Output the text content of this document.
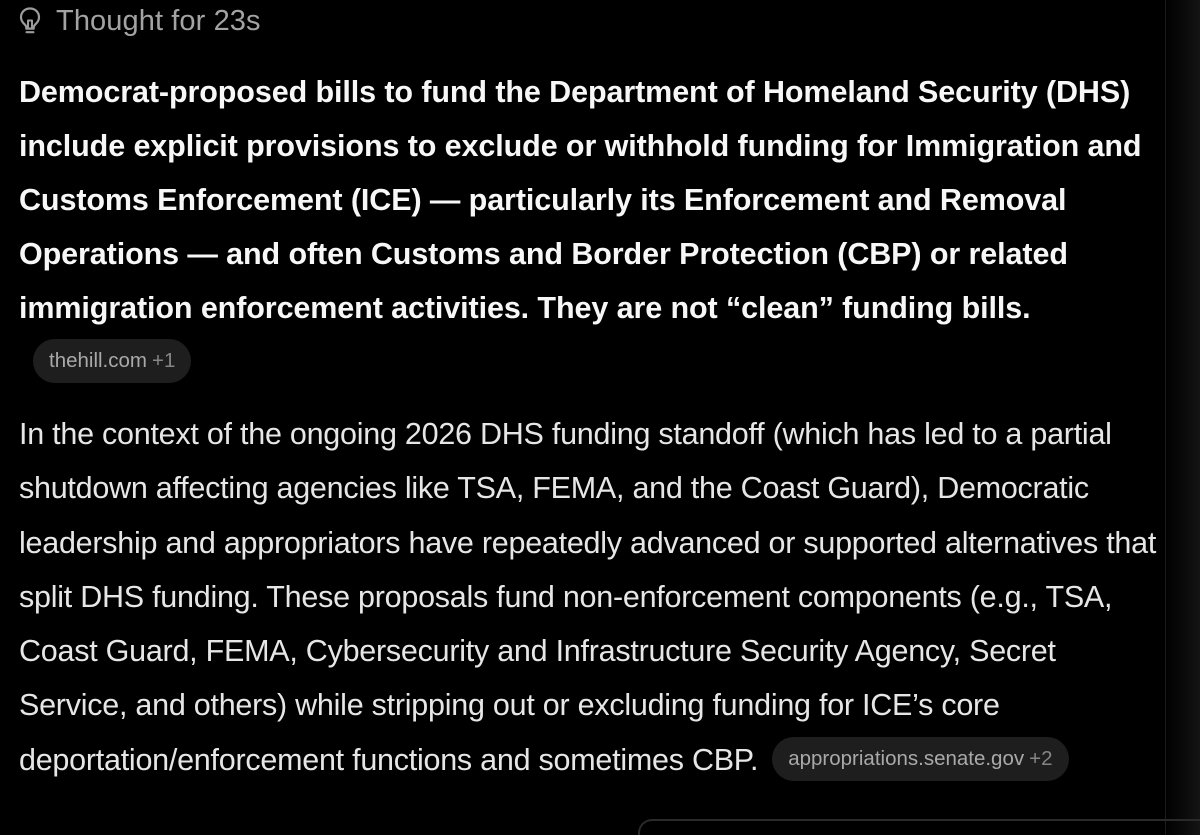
Thought for 23s

Democrat-proposed bills to fund the Department of Homeland Security (DHS) include explicit provisions to exclude or withhold funding for Immigration and Customs Enforcement (ICE) — particularly its Enforcement and Removal Operations — and often Customs and Border Protection (CBP) or related immigration enforcement activities. They are not “clean” funding bills.
thehill.com +1

In the context of the ongoing 2026 DHS funding standoff (which has led to a partial shutdown affecting agencies like TSA, FEMA, and the Coast Guard), Democratic leadership and appropriators have repeatedly advanced or supported alternatives that split DHS funding. These proposals fund non-enforcement components (e.g., TSA, Coast Guard, FEMA, Cybersecurity and Infrastructure Security Agency, Secret Service, and others) while stripping out or excluding funding for ICE’s core deportation/enforcement functions and sometimes CBP. appropriations.senate.gov +2
